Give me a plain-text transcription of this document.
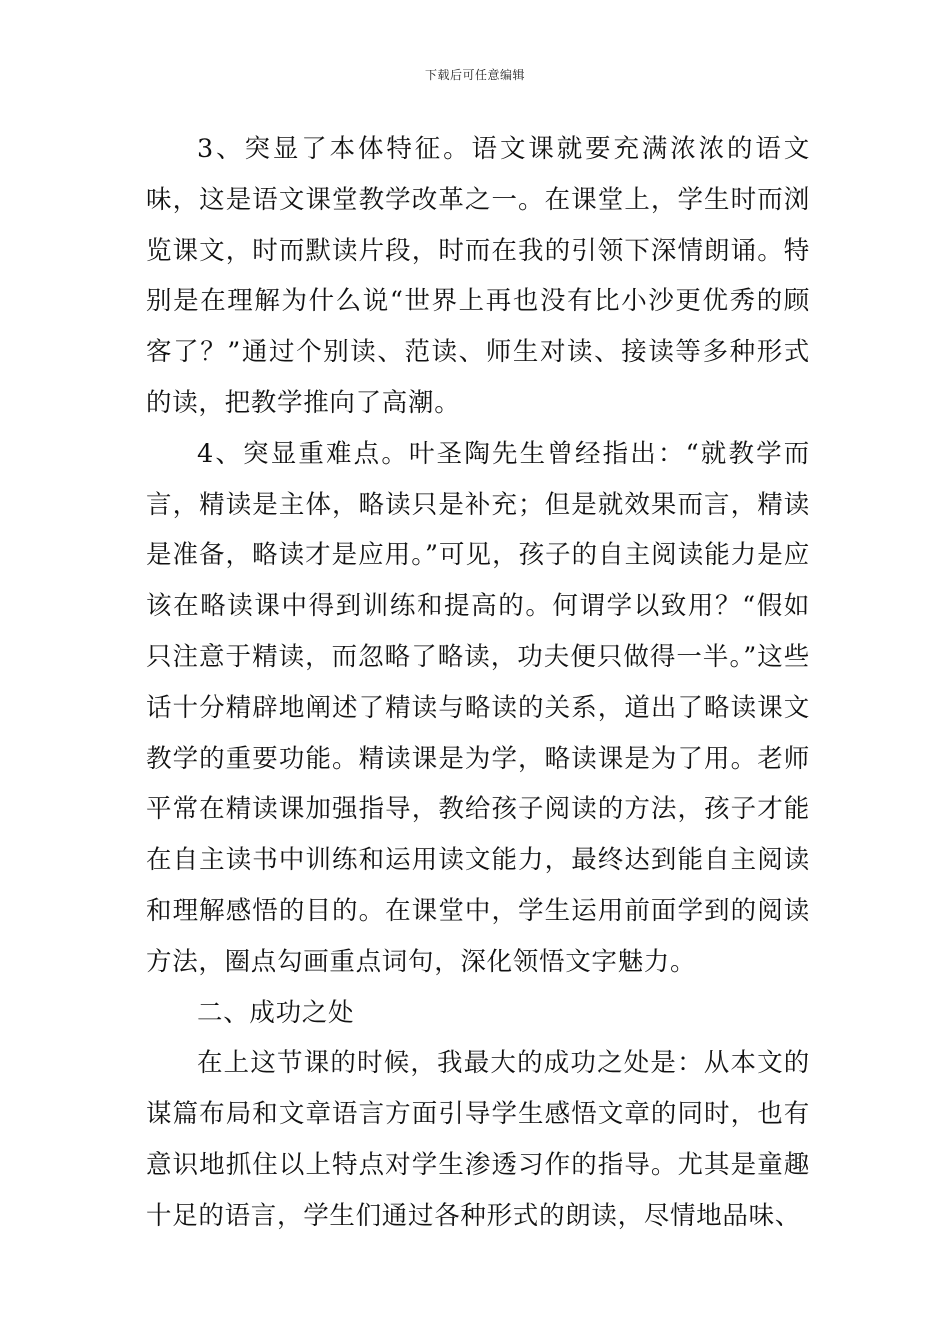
下载后可任意编辑

3、突显了本体特征。语文课就要充满浓浓的语文味，这是语文课堂教学改革之一。在课堂上，学生时而浏览课文，时而默读片段，时而在我的引领下深情朗诵。特别是在理解为什么说“世界上再也没有比小沙更优秀的顾客了？”通过个别读、范读、师生对读、接读等多种形式的读，把教学推向了高潮。

4、突显重难点。叶圣陶先生曾经指出：“就教学而言，精读是主体，略读只是补充；但是就效果而言，精读是准备，略读才是应用。”可见，孩子的自主阅读能力是应该在略读课中得到训练和提高的。何谓学以致用？“假如只注意于精读，而忽略了略读，功夫便只做得一半。”这些话十分精辟地阐述了精读与略读的关系，道出了略读课文教学的重要功能。精读课是为学，略读课是为了用。老师平常在精读课加强指导，教给孩子阅读的方法，孩子才能在自主读书中训练和运用读文能力，最终达到能自主阅读和理解感悟的目的。在课堂中，学生运用前面学到的阅读方法，圈点勾画重点词句，深化领悟文字魅力。

二、成功之处

在上这节课的时候，我最大的成功之处是：从本文的谋篇布局和文章语言方面引导学生感悟文章的同时，也有意识地抓住以上特点对学生渗透习作的指导。尤其是童趣十足的语言，学生们通过各种形式的朗读，尽情地品味、
